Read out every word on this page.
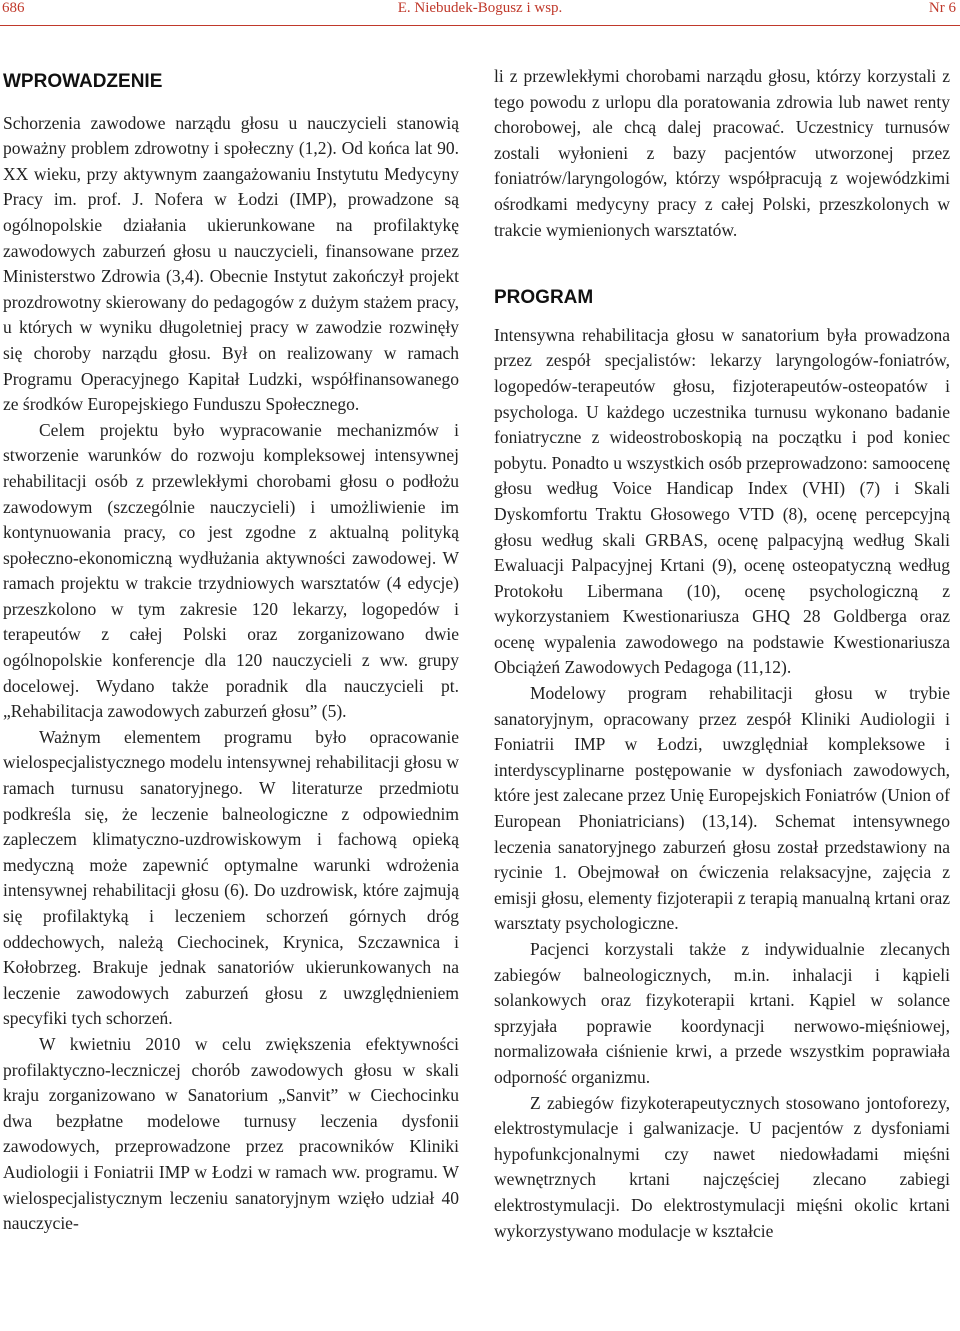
E. Niebudek-Bogusz i wsp.
686	Nr 6
WPROWADZENIE

Schorzenia zawodowe narządu głosu u nauczycieli stanowią poważny problem zdrowotny i społeczny (1,2). Od końca lat 90. XX wieku, przy aktywnym zaangażowaniu Instytutu Medycyny Pracy im. prof. J. Nofera w Łodzi (IMP), prowadzone są ogólnopolskie działania ukierunkowane na profilaktykę zawodowych zaburzeń głosu u nauczycieli, finansowane przez Ministerstwo Zdrowia (3,4). Obecnie Instytut zakończył projekt prozdrowotny skierowany do pedagogów z dużym stażem pracy, u których w wyniku długoletniej pracy w zawodzie rozwinęły się choroby narządu głosu. Był on realizowany w ramach Programu Operacyjnego Kapitał Ludzki, współfinansowanego ze środków Europejskiego Funduszu Społecznego.

Celem projektu było wypracowanie mechanizmów i stworzenie warunków do rozwoju kompleksowej intensywnej rehabilitacji osób z przewlekłymi chorobami głosu o podłożu zawodowym (szczególnie nauczycieli) i umożliwienie im kontynuowania pracy, co jest zgodne z aktualną polityką społeczno-ekonomiczną wydłużania aktywności zawodowej. W ramach projektu w trakcie trzydniowych warsztatów (4 edycje) przeszkolono w tym zakresie 120 lekarzy, logopedów i terapeutów z całej Polski oraz zorganizowano dwie ogólnopolskie konferencje dla 120 nauczycieli z ww. grupy docelowej. Wydano także poradnik dla nauczycieli pt. „Rehabilitacja zawodowych zaburzeń głosu” (5).

Ważnym elementem programu było opracowanie wielospecjalistycznego modelu intensywnej rehabilitacji głosu w ramach turnusu sanatoryjnego. W literaturze przedmiotu podkreśla się, że leczenie balneologiczne z odpowiednim zapleczem klimatyczno-uzdrowiskowym i fachową opieką medyczną może zapewnić optymalne warunki wdrożenia intensywnej rehabilitacji głosu (6). Do uzdrowisk, które zajmują się profilaktyką i leczeniem schorzeń górnych dróg oddechowych, należą Ciechocinek, Krynica, Szczawnica i Kołobrzeg. Brakuje jednak sanatoriów ukierunkowanych na leczenie zawodowych zaburzeń głosu z uwzględnieniem specyfiki tych schorzeń.

W kwietniu 2010 w celu zwiększenia efektywności profilaktyczno-leczniczej chorób zawodowych głosu w skali kraju zorganizowano w Sanatorium „Sanvit” w Ciechocinku dwa bezpłatne modelowe turnusy leczenia dysfonii zawodowych, przeprowadzone przez pracowników Kliniki Audiologii i Foniatrii IMP w Łodzi w ramach ww. programu. W wielospecjalistycznym leczeniu sanatoryjnym wzięło udział 40 nauczycie-

li z przewlekłymi chorobami narządu głosu, którzy korzystali z tego powodu z urlopu dla poratowania zdrowia lub nawet renty chorobowej, ale chcą dalej pracować. Uczestnicy turnusów zostali wyłonieni z bazy pacjentów utworzonej przez foniatrów/laryngologów, którzy współpracują z wojewódzkimi ośrodkami medycyny pracy z całej Polski, przeszkolonych w trakcie wymienionych warsztatów.

PROGRAM

Intensywna rehabilitacja głosu w sanatorium była prowadzona przez zespół specjalistów: lekarzy laryngologów-foniatrów, logopedów-terapeutów głosu, fizjoterapeutów-osteopatów i psychologa. U każdego uczestnika turnusu wykonano badanie foniatryczne z wideostroboskopią na początku i pod koniec pobytu. Ponadto u wszystkich osób przeprowadzono: samoocenę głosu według Voice Handicap Index (VHI) (7) i Skali Dyskomfortu Traktu Głosowego VTD (8), ocenę percepcyjną głosu według skali GRBAS, ocenę palpacyjną według Skali Ewaluacji Palpacyjnej Krtani (9), ocenę osteopatyczną według Protokołu Libermana (10), ocenę psychologiczną z wykorzystaniem Kwestionariusza GHQ 28 Goldberga oraz ocenę wypalenia zawodowego na podstawie Kwestionariusza Obciążeń Zawodowych Pedagoga (11,12).

Modelowy program rehabilitacji głosu w trybie sanatoryjnym, opracowany przez zespół Kliniki Audiologii i Foniatrii IMP w Łodzi, uwzględniał kompleksowe i interdyscyplinarne postępowanie w dysfoniach zawodowych, które jest zalecane przez Unię Europejskich Foniatrów (Union of European Phoniatricians) (13,14). Schemat intensywnego leczenia sanatoryjnego zaburzeń głosu został przedstawiony na rycinie 1. Obejmował on ćwiczenia relaksacyjne, zajęcia z emisji głosu, elementy fizjoterapii z terapią manualną krtani oraz warsztaty psychologiczne.

Pacjenci korzystali także z indywidualnie zlecanych zabiegów balneologicznych, m.in. inhalacji i kąpieli solankowych oraz fizykoterapii krtani. Kąpiel w solance sprzyjała poprawie koordynacji nerwowo-mięśniowej, normalizowała ciśnienie krwi, a przede wszystkim poprawiała odporność organizmu.

Z zabiegów fizykoterapeutycznych stosowano jontoforezy, elektrostymulacje i galwanizacje. U pacjentów z dysfoniami hypofunkcjonalnymi czy nawet niedowładami mięśni wewnętrznych krtani najczęściej zlecano zabiegi elektrostymulacji. Do elektrostymulacji mięśni okolic krtani wykorzystywano modulacje w kształcie
